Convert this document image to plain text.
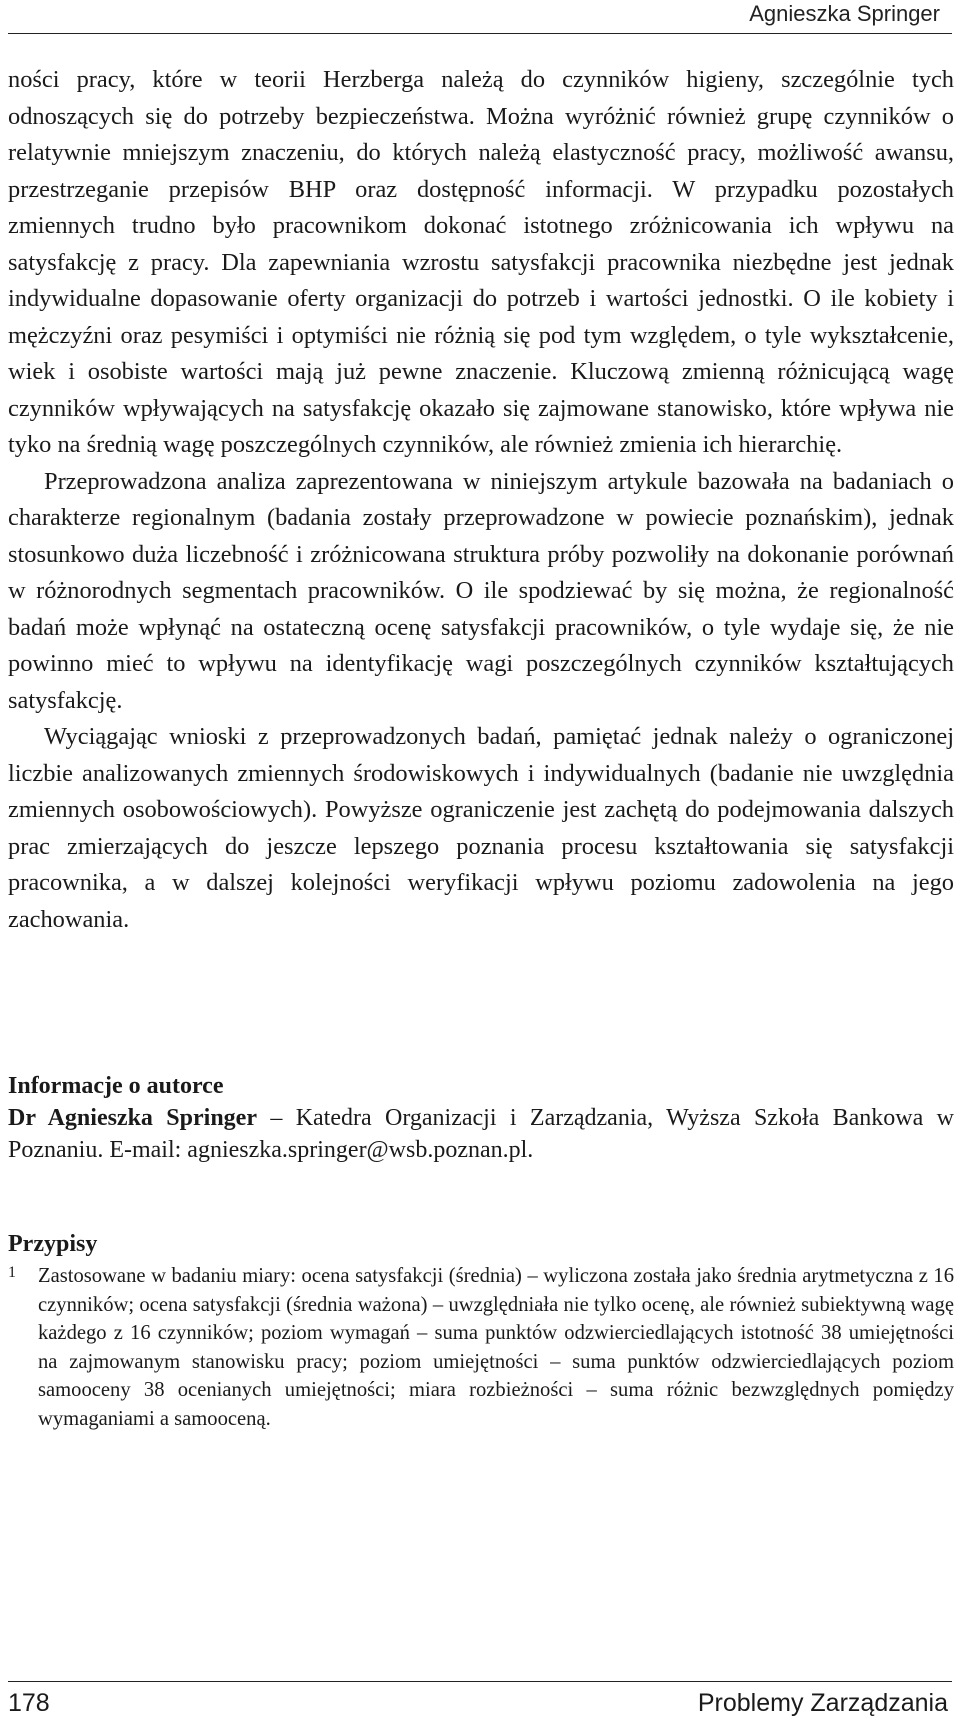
Agnieszka Springer

ności pracy, które w teorii Herzberga należą do czynników higieny, szczególnie tych odnoszących się do potrzeby bezpieczeństwa. Można wyróżnić również grupę czynników o relatywnie mniejszym znaczeniu, do których należą elastyczność pracy, możliwość awansu, przestrzeganie przepisów BHP oraz dostępność informacji. W przypadku pozostałych zmiennych trudno było pracownikom dokonać istotnego zróżnicowania ich wpływu na satysfakcję z pracy. Dla zapewniania wzrostu satysfakcji pracownika niezbędne jest jednak indywidualne dopasowanie oferty organizacji do potrzeb i wartości jednostki. O ile kobiety i mężczyźni oraz pesymiści i optymiści nie różnią się pod tym względem, o tyle wykształcenie, wiek i osobiste wartości mają już pewne znaczenie. Kluczową zmienną różnicującą wagę czynników wpływających na satysfakcję okazało się zajmowane stanowisko, które wpływa nie tyko na średnią wagę poszczególnych czynników, ale również zmienia ich hierarchię.

Przeprowadzona analiza zaprezentowana w niniejszym artykule bazowała na badaniach o charakterze regionalnym (badania zostały przeprowadzone w powiecie poznańskim), jednak stosunkowo duża liczebność i zróżnicowana struktura próby pozwoliły na dokonanie porównań w różnorodnych segmentach pracowników. O ile spodziewać by się można, że regionalność badań może wpłynąć na ostateczną ocenę satysfakcji pracowników, o tyle wydaje się, że nie powinno mieć to wpływu na identyfikację wagi poszczególnych czynników kształtujących satysfakcję.

Wyciągając wnioski z przeprowadzonych badań, pamiętać jednak należy o ograniczonej liczbie analizowanych zmiennych środowiskowych i indywidualnych (badanie nie uwzględnia zmiennych osobowościowych). Powyższe ograniczenie jest zachętą do podejmowania dalszych prac zmierzających do jeszcze lepszego poznania procesu kształtowania się satysfakcji pracownika, a w dalszej kolejności weryfikacji wpływu poziomu zadowolenia na jego zachowania.

Informacje o autorce

Dr Agnieszka Springer – Katedra Organizacji i Zarządzania, Wyższa Szkoła Bankowa w Poznaniu. E-mail: agnieszka.springer@wsb.poznan.pl.

Przypisy

1	Zastosowane w badaniu miary: ocena satysfakcji (średnia) – wyliczona została jako średnia arytmetyczna z 16 czynników; ocena satysfakcji (średnia ważona) – uwzględniała nie tylko ocenę, ale również subiektywną wagę każdego z 16 czynników; poziom wymagań – suma punktów odzwierciedlających istotność 38 umiejętności na zajmowanym stanowisku pracy; poziom umiejętności – suma punktów odzwierciedlających poziom samooceny 38 ocenianych umiejętności; miara rozbieżności – suma różnic bezwzględnych pomiędzy wymaganiami a samooceną.

178	Problemy Zarządzania
